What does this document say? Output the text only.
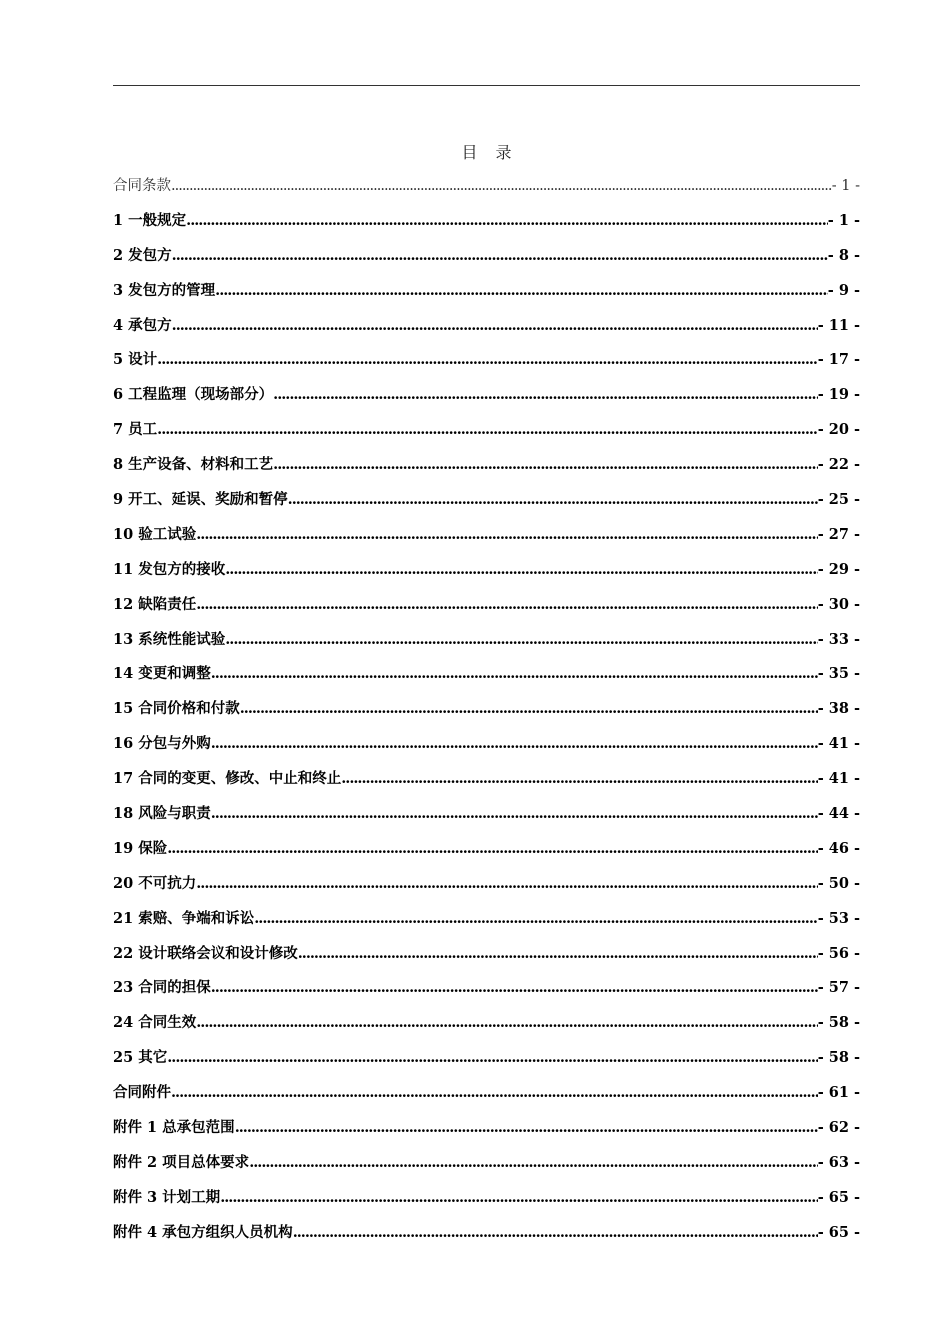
目录
合同条款 .....	- 1 -
1 一般规定 .....	- 1 -
2 发包方 .....	- 8 -
3 发包方的管理 .....	- 9 -
4 承包方 .....	- 11 -
5 设计 .....	- 17 -
6 工程监理（现场部分） .....	- 19 -
7 员工 .....	- 20 -
8 生产设备、材料和工艺 .....	- 22 -
9 开工、延误、奖励和暂停 .....	- 25 -
10 验工试验 .....	- 27 -
11 发包方的接收 .....	- 29 -
12 缺陷责任 .....	- 30 -
13 系统性能试验 .....	- 33 -
14 变更和调整 .....	- 35 -
15 合同价格和付款 .....	- 38 -
16 分包与外购 .....	- 41 -
17 合同的变更、修改、中止和终止 .....	- 41 -
18 风险与职责 .....	- 44 -
19 保险 .....	- 46 -
20 不可抗力 .....	- 50 -
21 索赔、争端和诉讼 .....	- 53 -
22 设计联络会议和设计修改 .....	- 56 -
23 合同的担保 .....	- 57 -
24 合同生效 .....	- 58 -
25 其它 .....	- 58 -
合同附件 .....	- 61 -
附件 1 总承包范围 .....	- 62 -
附件 2 项目总体要求 .....	- 63 -
附件 3 计划工期 .....	- 65 -
附件 4 承包方组织人员机构 .....	- 65 -
